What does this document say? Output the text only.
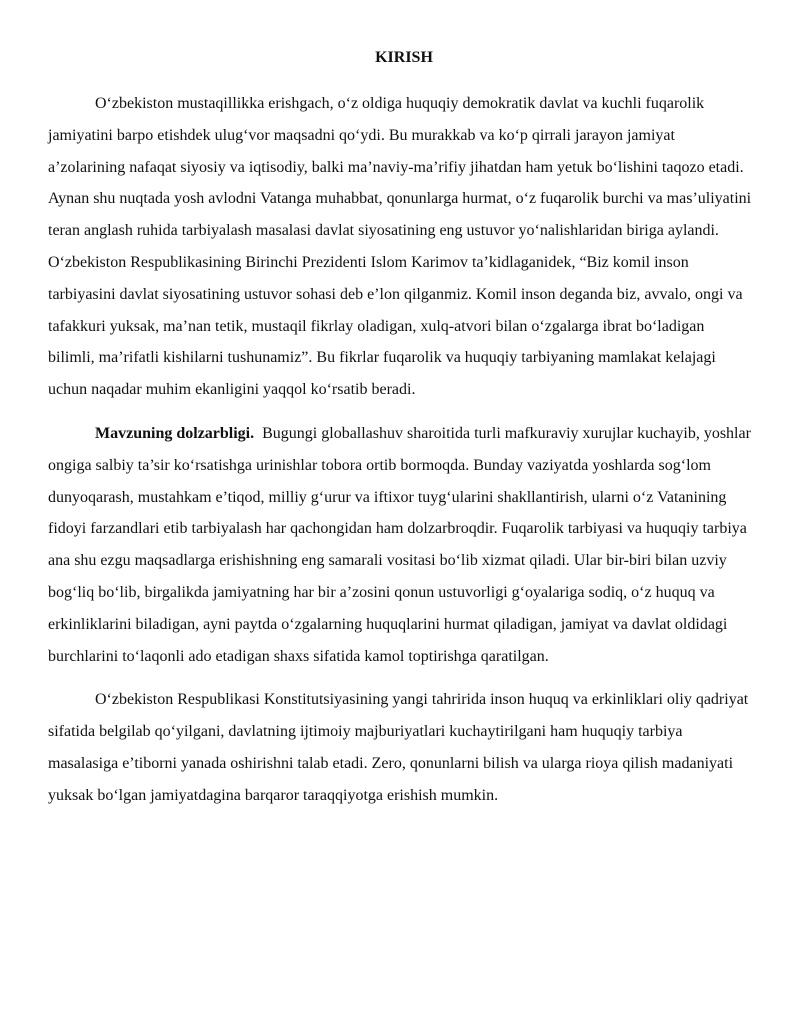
KIRISH

O‘zbekiston mustaqillikka erishgach, o‘z oldiga huquqiy demokratik davlat va kuchli fuqarolik jamiyatini barpo etishdek ulug‘vor maqsadni qo‘ydi. Bu murakkab va ko‘p qirrali jarayon jamiyat a’zolarining nafaqat siyosiy va iqtisodiy, balki ma’naviy-ma’rifiy jihatdan ham yetuk bo‘lishini taqozo etadi. Aynan shu nuqtada yosh avlodni Vatanga muhabbat, qonunlarga hurmat, o‘z fuqarolik burchi va mas’uliyatini teran anglash ruhida tarbiyalash masalasi davlat siyosatining eng ustuvor yo‘nalishlaridan biriga aylandi. O‘zbekiston Respublikasining Birinchi Prezidenti Islom Karimov ta’kidlaganidek, “Biz komil inson tarbiyasini davlat siyosatining ustuvor sohasi deb e’lon qilganmiz. Komil inson deganda biz, avvalo, ongi va tafakkuri yuksak, ma’nan tetik, mustaqil fikrlay oladigan, xulq-atvori bilan o‘zgalarga ibrat bo‘ladigan bilimli, ma’rifatli kishilarni tushunamiz”. Bu fikrlar fuqarolik va huquqiy tarbiyaning mamlakat kelajagi uchun naqadar muhim ekanligini yaqqol ko‘rsatib beradi.

Mavzuning dolzarbligi.  Bugungi globallashuv sharoitida turli mafkuraviy xurujlar kuchayib, yoshlar ongiga salbiy ta’sir ko‘rsatishga urinishlar tobora ortib bormoqda. Bunday vaziyatda yoshlarda sog‘lom dunyoqarash, mustahkam e’tiqod, milliy g‘urur va iftixor tuyg‘ularini shakllantirish, ularni o‘z Vatanining fidoyi farzandlari etib tarbiyalash har qachongidan ham dolzarbroqdir. Fuqarolik tarbiyasi va huquqiy tarbiya ana shu ezgu maqsadlarga erishishning eng samarali vositasi bo‘lib xizmat qiladi. Ular bir-biri bilan uzviy bog‘liq bo‘lib, birgalikda jamiyatning har bir a’zosini qonun ustuvorligi g‘oyalariga sodiq, o‘z huquq va erkinliklarini biladigan, ayni paytda o‘zgalarning huquqlarini hurmat qiladigan, jamiyat va davlat oldidagi burchlarini to‘laqonli ado etadigan shaxs sifatida kamol toptirishga qaratilgan.

O‘zbekiston Respublikasi Konstitutsiyasining yangi tahririda inson huquq va erkinliklari oliy qadriyat sifatida belgilab qo‘yilgani, davlatning ijtimoiy majburiyatlari kuchaytirilgani ham huquqiy tarbiya masalasiga e’tiborni yanada oshirishni talab etadi. Zero, qonunlarni bilish va ularga rioya qilish madaniyati yuksak bo‘lgan jamiyatdagina barqaror taraqqiyotga erishish mumkin.
